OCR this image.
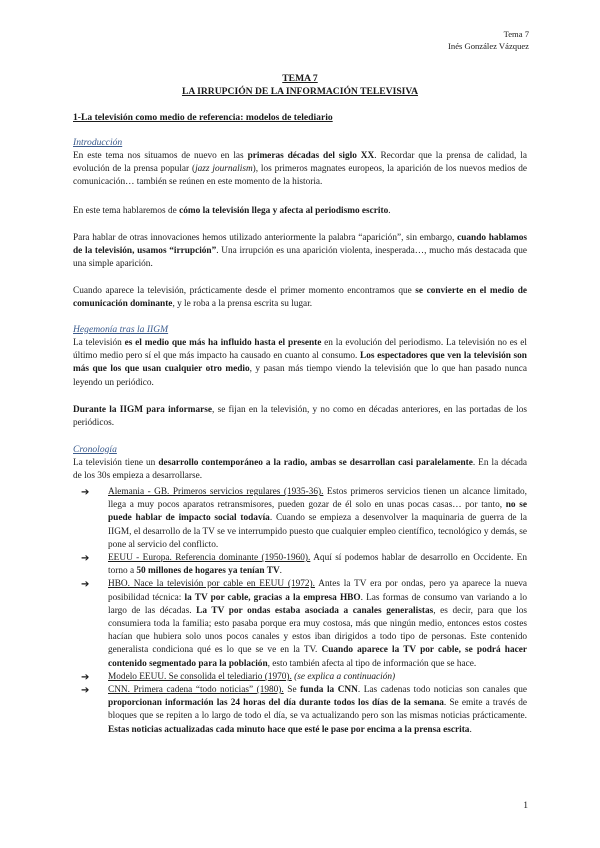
Tema 7
Inés González Vázquez
TEMA 7
LA IRRUPCIÓN DE LA INFORMACIÓN TELEVISIVA
1-La televisión como medio de referencia: modelos de telediario
Introducción
En este tema nos situamos de nuevo en las primeras décadas del siglo XX. Recordar que la prensa de calidad, la evolución de la prensa popular (jazz journalism), los primeros magnates europeos, la aparición de los nuevos medios de comunicación… también se reúnen en este momento de la historia.
En este tema hablaremos de cómo la televisión llega y afecta al periodismo escrito.
Para hablar de otras innovaciones hemos utilizado anteriormente la palabra “aparición”, sin embargo, cuando hablamos de la televisión, usamos “irrupción”. Una irrupción es una aparición violenta, inesperada…, mucho más destacada que una simple aparición.
Cuando aparece la televisión, prácticamente desde el primer momento encontramos que se convierte en el medio de comunicación dominante, y le roba a la prensa escrita su lugar.
Hegemonía tras la IIGM
La televisión es el medio que más ha influido hasta el presente en la evolución del periodismo. La televisión no es el último medio pero sí el que más impacto ha causado en cuanto al consumo. Los espectadores que ven la televisión son más que los que usan cualquier otro medio, y pasan más tiempo viendo la televisión que lo que han pasado nunca leyendo un periódico.
Durante la IIGM para informarse, se fijan en la televisión, y no como en décadas anteriores, en las portadas de los periódicos.
Cronología
La televisión tiene un desarrollo contemporáneo a la radio, ambas se desarrollan casi paralelamente. En la década de los 30s empieza a desarrollarse.
➔ Alemania - GB. Primeros servicios regulares (1935-36). Estos primeros servicios tienen un alcance limitado, llega a muy pocos aparatos retransmisores, pueden gozar de él solo en unas pocas casas… por tanto, no se puede hablar de impacto social todavía. Cuando se empieza a desenvolver la maquinaria de guerra de la IIGM, el desarrollo de la TV se ve interrumpido puesto que cualquier empleo científico, tecnológico y demás, se pone al servicio del conflicto.
➔ EEUU - Europa. Referencia dominante (1950-1960). Aquí sí podemos hablar de desarrollo en Occidente. En torno a 50 millones de hogares ya tenían TV.
➔ HBO. Nace la televisión por cable en EEUU (1972). Antes la TV era por ondas, pero ya aparece la nueva posibilidad técnica: la TV por cable, gracias a la empresa HBO. Las formas de consumo van variando a lo largo de las décadas. La TV por ondas estaba asociada a canales generalistas, es decir, para que los consumiera toda la familia; esto pasaba porque era muy costosa, más que ningún medio, entonces estos costes hacían que hubiera solo unos pocos canales y estos iban dirigidos a todo tipo de personas. Este contenido generalista condiciona qué es lo que se ve en la TV. Cuando aparece la TV por cable, se podrá hacer contenido segmentado para la población, esto también afecta al tipo de información que se hace.
➔ Modelo EEUU. Se consolida el telediario (1970). (se explica a continuación)
➔ CNN. Primera cadena “todo noticias” (1980). Se funda la CNN. Las cadenas todo noticias son canales que proporcionan información las 24 horas del día durante todos los días de la semana. Se emite a través de bloques que se repiten a lo largo de todo el día, se va actualizando pero son las mismas noticias prácticamente. Estas noticias actualizadas cada minuto hace que esté le pase por encima a la prensa escrita.
1
